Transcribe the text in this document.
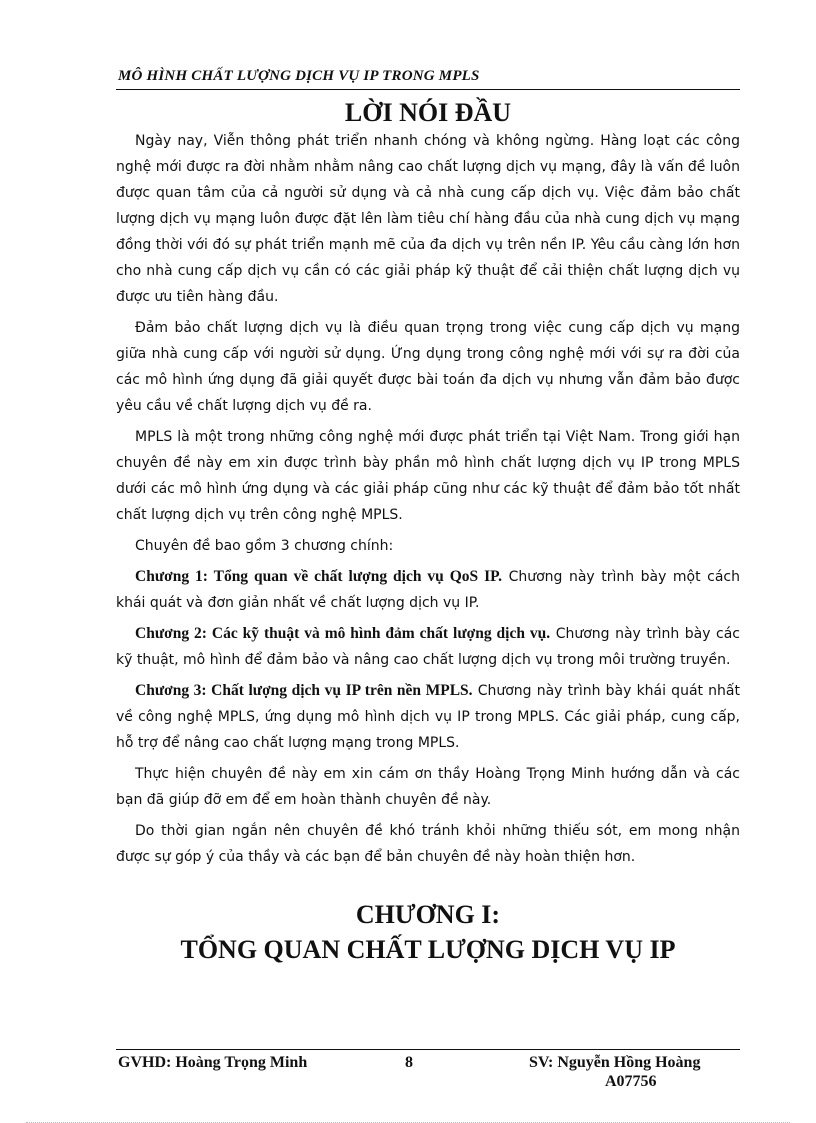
MÔ HÌNH CHẤT LƯỢNG DỊCH VỤ IP TRONG MPLS
LỜI NÓI ĐẦU

Ngày nay, Viễn thông phát triển nhanh chóng và không ngừng. Hàng loạt các công nghệ mới được ra đời nhằm nhằm nâng cao chất lượng dịch vụ mạng, đây là vấn đề luôn được quan tâm của cả người sử dụng và cả nhà cung cấp dịch vụ. Việc đảm bảo chất lượng dịch vụ mạng luôn được đặt lên làm tiêu chí hàng đầu của nhà cung dịch vụ mạng đồng thời với đó sự phát triển mạnh mẽ của đa dịch vụ trên nền IP. Yêu cầu càng lớn hơn cho nhà cung cấp dịch vụ cần có các giải pháp kỹ thuật để cải thiện chất lượng dịch vụ được ưu tiên hàng đầu.

Đảm bảo chất lượng dịch vụ là điều quan trọng trong việc cung cấp dịch vụ mạng giữa nhà cung cấp với người sử dụng. Ứng dụng trong công nghệ mới với sự ra đời của các mô hình ứng dụng đã giải quyết được bài toán đa dịch vụ nhưng vẫn đảm bảo được yêu cầu về chất lượng dịch vụ đề ra.

MPLS là một trong những công nghệ mới được phát triển tại Việt Nam. Trong giới hạn chuyên đề này em xin được trình bày phần mô hình chất lượng dịch vụ IP trong MPLS dưới các mô hình ứng dụng và các giải pháp cũng như các kỹ thuật để đảm bảo tốt nhất chất lượng dịch vụ trên công nghệ MPLS.

Chuyên đề bao gồm 3 chương chính:

Chương 1: Tổng quan về chất lượng dịch vụ QoS IP. Chương này trình bày một cách khái quát và đơn giản nhất về chất lượng dịch vụ IP.

Chương 2: Các kỹ thuật và mô hình đảm chất lượng dịch vụ. Chương này trình bày các kỹ thuật, mô hình để đảm bảo và nâng cao chất lượng dịch vụ trong môi trường truyền.

Chương 3: Chất lượng dịch vụ IP trên nền MPLS. Chương này trình bày khái quát nhất về công nghệ MPLS, ứng dụng mô hình dịch vụ IP trong MPLS. Các giải pháp, cung cấp, hỗ trợ để nâng cao chất lượng mạng trong MPLS.

Thực hiện chuyên đề này em xin cám ơn thầy Hoàng Trọng Minh hướng dẫn và các bạn đã giúp đỡ em để em hoàn thành chuyên đề này.

Do thời gian ngắn nên chuyên đề khó tránh khỏi những thiếu sót, em mong nhận được sự góp ý của thầy và các bạn để bản chuyên đề này hoàn thiện hơn.

CHƯƠNG I:
TỔNG QUAN CHẤT LƯỢNG DỊCH VỤ IP
GVHD: Hoàng Trọng Minh	8	SV: Nguyễn Hồng Hoàng
A07756
